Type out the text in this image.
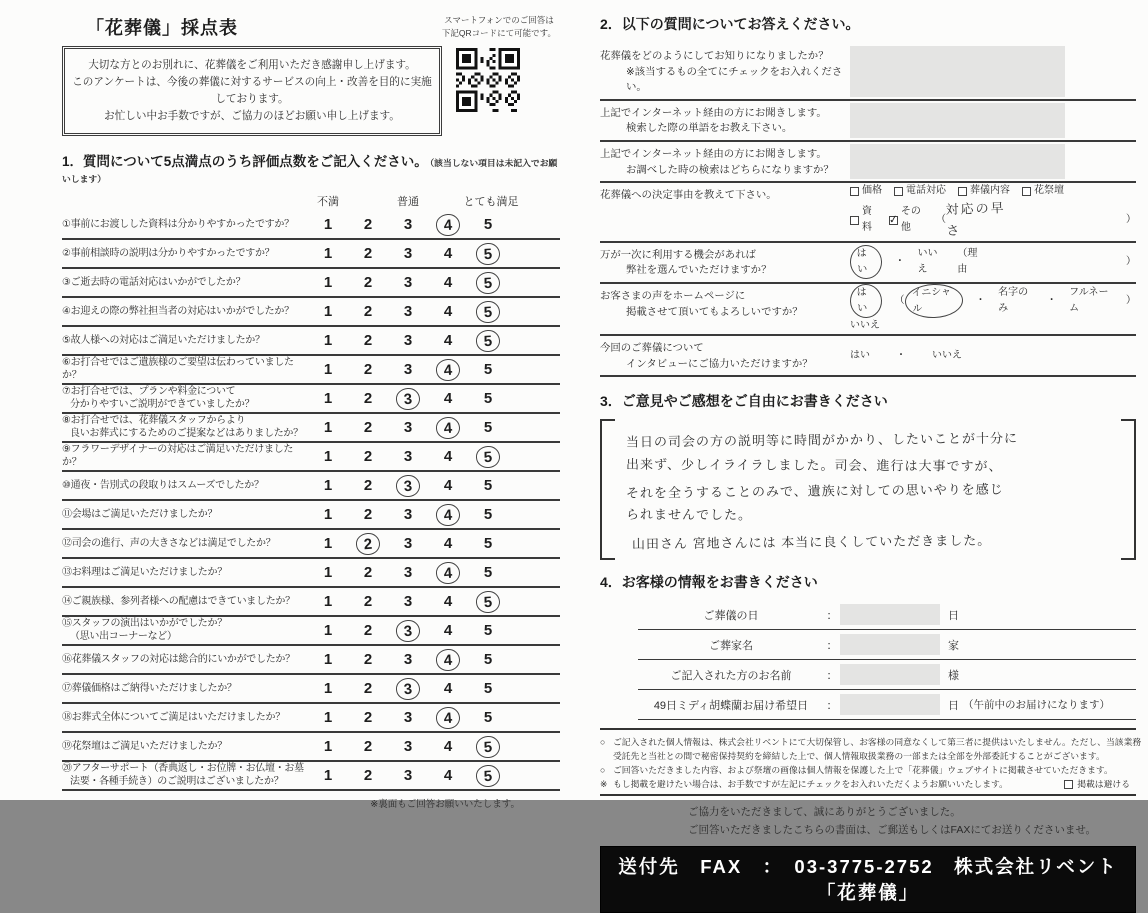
「花葬儀」採点表	スマートフォンでのご回答は
下記QRコードにて可能です。
大切な方とのお別れに、花葬儀をご利用いただき感謝申し上げます。
このアンケートは、今後の葬儀に対するサービスの向上・改善を目的に実施しております。
お忙しい中お手数ですが、ご協力のほどお願い申し上げます。
1．質問について5点満点のうち評価点数をご記入ください。 （該当しない項目は未記入でお願いします）
不満	普通	とても満足
①事前にお渡しした資料は分かりやすかったですか？	1 2 3	4	5
②事前相談時の説明は分かりやすかったですか？	1 2 3 4	5
③ご逝去時の電話対応はいかがでしたか？	1 2 3 4	5
④お迎えの際の弊社担当者の対応はいかがでしたか？	1 2 3 4	5
⑤故人様への対応はご満足いただけましたか？	1 2 3 4	5
⑥お打合せではご遺族様のご要望は伝わっていましたか？	1 2 3	4	5
⑦お打合せでは、プランや料金について
分かりやすいご説明ができていましたか？	1 2	3	4 5
⑧お打合せでは、花葬儀スタッフからより
良いお葬式にするためのご提案などはありましたか？ 1 2 3	4	5
⑨フラワーデザイナーの対応はご満足いただけましたか？	1 2 3 4	5
⑩通夜・告別式の段取りはスムーズでしたか？	1 2	3	4 5
⑪会場はご満足いただけましたか？	1 2 3	4	5
⑫司会の進行、声の大きさなどは満足でしたか？	1	2	3 4 5
⑬お料理はご満足いただけましたか？	1 2 3	4	5
⑭ご親族様、参列者様への配慮はできていましたか？	1 2 3 4	5
⑮スタッフの演出はいかがでしたか？
（思い出コーナーなど）	1 2	3	4 5
⑯花葬儀スタッフの対応は総合的にいかがでしたか？	1 2 3	4	5
⑰葬儀価格はご納得いただけましたか？	1 2	3	4 5
⑱お葬式全体についてご満足はいただけましたか？	1 2 3	4	5
⑲花祭壇はご満足いただけましたか？	1 2 3 4	5
⑳アフターサポート（香典返し・お位牌・お仏壇・お墓
法要・各種手続き）のご説明はございましたか？	1 2 3 4	5
※裏面もご回答お願いいたします。
2．以下の質問についてお答えください。
花葬儀をどのようにしてお知りになりましたか？
※該当するもの全てにチェックをお入れください。
上記でインターネット経由の方にお聞きします。
検索した際の単語をお教え下さい。
上記でインターネット経由の方にお聞きします。
お調べした時の検索はどちらになりますか？
花葬儀への決定事由を教えて下さい。	価格 電話対応 葬儀内容 花祭壇
資料
✓
その他
（
対応の早さ
）
万が一次に利用する機会があれば
弊社を選んでいただけますか？
はい
・
いいえ
（理由
）
お客さまの声をホームページに
掲載させて頂いてもよろしいですか？
はい
（
イニシャル
・
名字のみ
・
フルネーム
）
いいえ
今回のご葬儀について
インタビューにご協力いただけますか？
はい	・	いいえ
3．ご意見やご感想をご自由にお書きください

当日の司会の方の説明等に時間がかかり、したいことが十分に

出来ず、少しイライラしました。司会、進行は大事ですが、

それを全うすることのみで、遺族に対しての思いやりを感じ

られませんでした。

山田さん 宮地さんには 本当に良くしていただきました。

4．お客様の情報をお書きください
ご葬儀の日	：	日
ご葬家名	：	家
ご記入された方のお名前	：	様
49日ミディ胡蝶蘭お届け希望日	：	日 （午前中のお届けになります）
○ ご記入された個人情報は、株式会社リベントにて大切保管し、お客様の同意なくして第三者に提供はいたしません。ただし、当該業務
受託先と当社との間で秘密保持契約を締結した上で、個人情報取扱業務の一部または全部を外部委託することがございます。
○ ご回答いただきました内容、および祭壇の画像は個人情報を保護した上で「花葬儀」ウェブサイトに掲載させていただきます。
※ もし掲載を避けたい場合は、お手数ですが左記にチェックをお入れいただくようお願いいたします。	掲載は避ける
ご協力をいただきまして、誠にありがとうございました。
ご回答いただきましたこちらの書面は、ご郵送もしくはFAXにてお送りくださいませ。
送付先　FAX　：　03-3775-2752　株式会社リベント「花葬儀」
